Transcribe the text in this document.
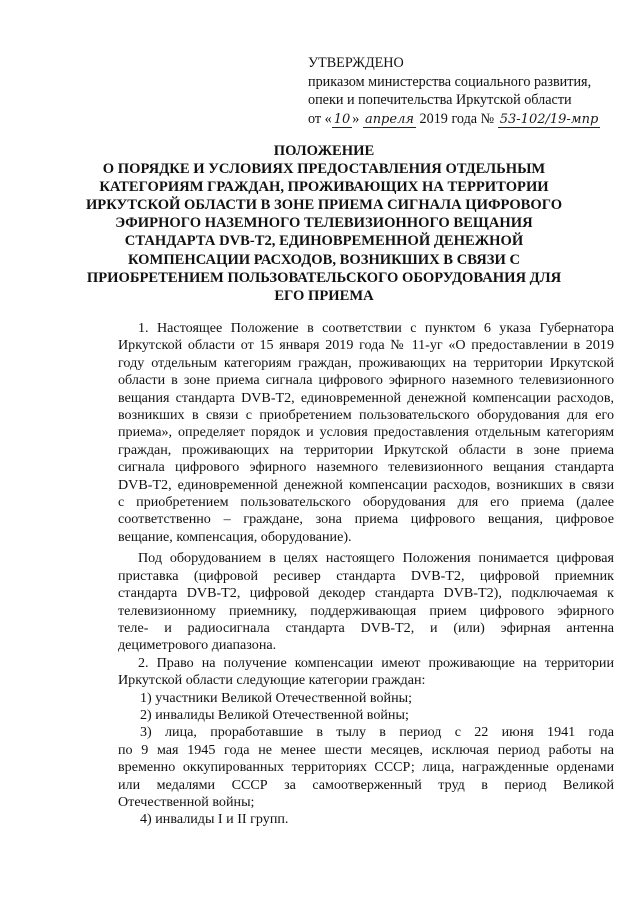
УТВЕРЖДЕНО
приказом министерства социального развития,
опеки и попечительства Иркутской области
от « 10 » апреля 2019 года № 53-102/19-мпр
ПОЛОЖЕНИЕ
О ПОРЯДКЕ И УСЛОВИЯХ ПРЕДОСТАВЛЕНИЯ ОТДЕЛЬНЫМ
КАТЕГОРИЯМ ГРАЖДАН, ПРОЖИВАЮЩИХ НА ТЕРРИТОРИИ
ИРКУТСКОЙ ОБЛАСТИ В ЗОНЕ ПРИЕМА СИГНАЛА ЦИФРОВОГО
ЭФИРНОГО НАЗЕМНОГО ТЕЛЕВИЗИОННОГО ВЕЩАНИЯ
СТАНДАРТА DVB-T2, ЕДИНОВРЕМЕННОЙ ДЕНЕЖНОЙ
КОМПЕНСАЦИИ РАСХОДОВ, ВОЗНИКШИХ В СВЯЗИ С
ПРИОБРЕТЕНИЕМ ПОЛЬЗОВАТЕЛЬСКОГО ОБОРУДОВАНИЯ ДЛЯ
ЕГО ПРИЕМА
1. Настоящее Положение в соответствии с пунктом 6 указа Губернатора
Иркутской области от 15 января 2019 года № 11-уг «О предоставлении в 2019
году отдельным категориям граждан, проживающих на территории Иркутской
области в зоне приема сигнала цифрового эфирного наземного телевизионного
вещания стандарта DVB-T2, единовременной денежной компенсации расходов,
возникших в связи с приобретением пользовательского оборудования для его
приема», определяет порядок и условия предоставления отдельным категориям
граждан, проживающих на территории Иркутской области в зоне приема
сигнала цифрового эфирного наземного телевизионного вещания стандарта
DVB-T2, единовременной денежной компенсации расходов, возникших в связи
с приобретением пользовательского оборудования для его приема (далее
соответственно – граждане, зона приема цифрового вещания, цифровое
вещание, компенсация, оборудование).
Под оборудованием в целях настоящего Положения понимается цифровая
приставка (цифровой ресивер стандарта DVB-T2, цифровой приемник
стандарта DVB-T2, цифровой декодер стандарта DVB-T2), подключаемая к
телевизионному приемнику, поддерживающая прием цифрового эфирного
теле- и радиосигнала стандарта DVB-T2, и (или) эфирная антенна
дециметрового диапазона.
2. Право на получение компенсации имеют проживающие на территории
Иркутской области следующие категории граждан:
1) участники Великой Отечественной войны;
2) инвалиды Великой Отечественной войны;
3) лица, проработавшие в тылу в период с 22 июня 1941 года
по 9 мая 1945 года не менее шести месяцев, исключая период работы на
временно оккупированных территориях СССР; лица, награжденные орденами
или медалями СССР за самоотверженный труд в период Великой
Отечественной войны;
4) инвалиды I и II групп.
